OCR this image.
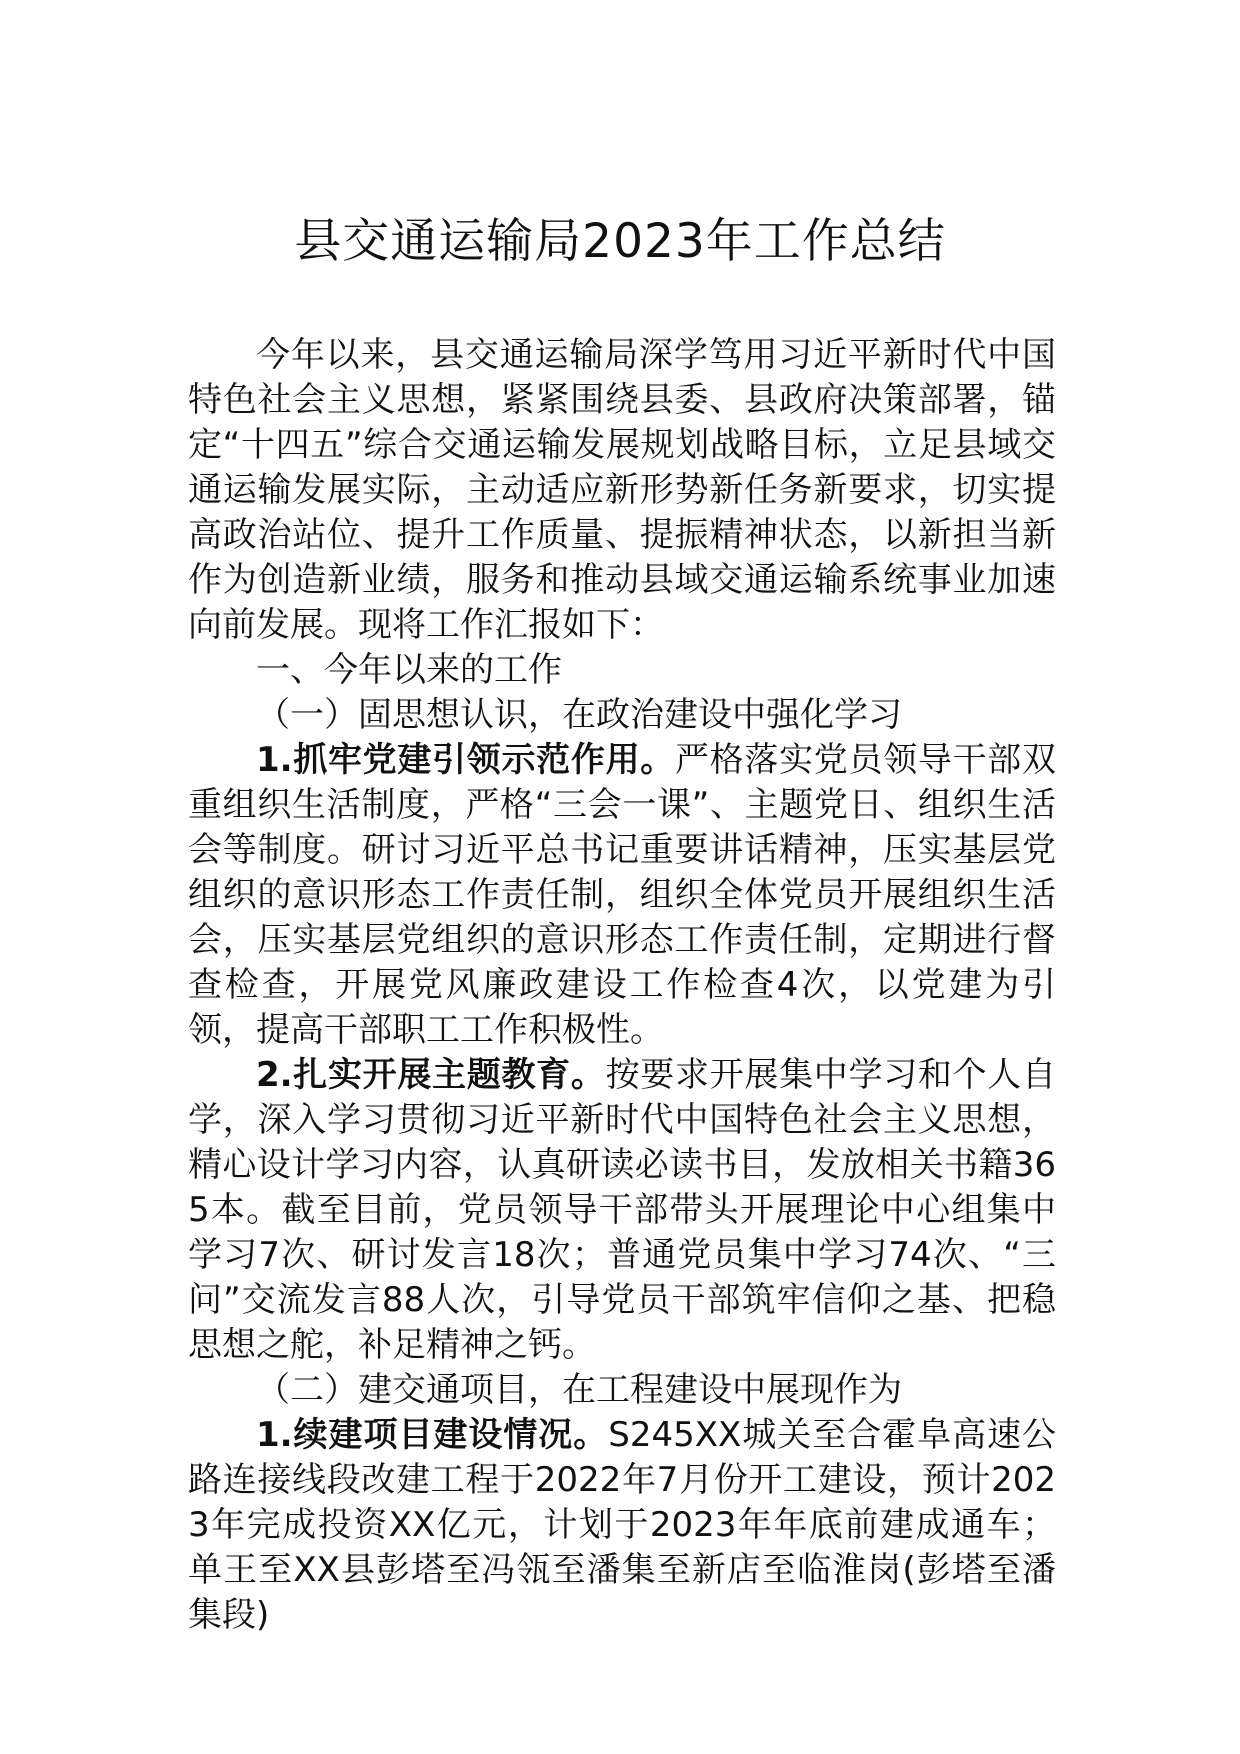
县交通运输局2023年工作总结

今年以来，县交通运输局深学笃用习近平新时代中国特色社会主义思想，紧紧围绕县委、县政府决策部署，锚定“十四五”综合交通运输发展规划战略目标，立足县域交通运输发展实际，主动适应新形势新任务新要求，切实提高政治站位、提升工作质量、提振精神状态，以新担当新作为创造新业绩，服务和推动县域交通运输系统事业加速向前发展。现将工作汇报如下：

一、今年以来的工作

（一）固思想认识，在政治建设中强化学习

1.抓牢党建引领示范作用。严格落实党员领导干部双重组织生活制度，严格“三会一课”、主题党日、组织生活会等制度。研讨习近平总书记重要讲话精神，压实基层党组织的意识形态工作责任制，组织全体党员开展组织生活会，压实基层党组织的意识形态工作责任制，定期进行督查检查，开展党风廉政建设工作检查4次，以党建为引领，提高干部职工工作积极性。

2.扎实开展主题教育。按要求开展集中学习和个人自学，深入学习贯彻习近平新时代中国特色社会主义思想，精心设计学习内容，认真研读必读书目，发放相关书籍365本。截至目前，党员领导干部带头开展理论中心组集中学习7次、研讨发言18次；普通党员集中学习74次、“三问”交流发言88人次，引导党员干部筑牢信仰之基、把稳思想之舵，补足精神之钙。

（二）建交通项目，在工程建设中展现作为

1.续建项目建设情况。S245XX城关至合霍阜高速公路连接线段改建工程于2022年7月份开工建设，预计2023年完成投资XX亿元，计划于2023年年底前建成通车；单王至XX县彭塔至冯瓴至潘集至新店至临淮岗(彭塔至潘集段)
